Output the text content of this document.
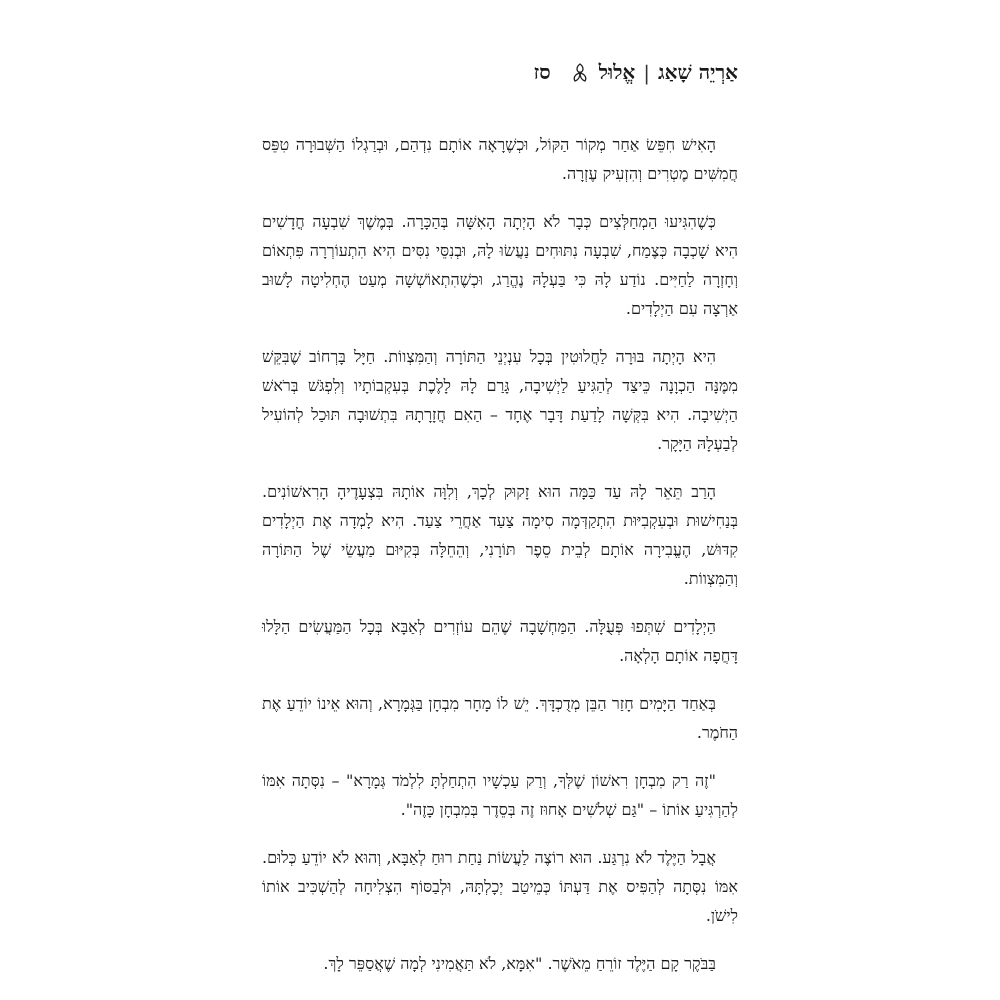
אַרְיֵה שָׁאַג
|
אֱלוּל
סז

הָאִישׁ חִפֵּשׂ אַחַר מְקוֹר הַקּוֹל, וּכְשֶׁרָאָה אוֹתָם נִדְהַם, וּבְרַגְלוֹ הַשְּׁבוּרָה טִפֵּס חֲמִשִּׁים מֶטְרִים וְהִזְעִיק עֶזְרָה.

כְּשֶׁהִגִּיעוּ הַמְחַלְּצִים כְּבָר לֹא הָיְתָה הָאִשָּׁה בְּהַכָּרָה. בְּמֶשֶׁךְ שִׁבְעָה חֳדָשִׁים הִיא שָׁכְבָה כְּצֶמַח, שִׁבְעָה נִתּוּחִים נַעֲשׂוּ לָהּ, וּבְנִסֵּי נִסִּים הִיא הִתְעוֹרְרָה פִּתְאוֹם וְחָזְרָה לַחַיִּים. נוֹדַע לָהּ כִּי בַּעְלָהּ נֶהֱרַג, וּכְשֶׁהִתְאוֹשְׁשָׁה מְעַט הֶחְלִיטָה לָשׁוּב אַרְצָה עִם הַיְלָדִים.

הִיא הָיְתָה בּוּרָה לַחֲלוּטִין בְּכָל עִנְיְנֵי הַתּוֹרָה וְהַמִּצְווֹת. חַיָּל בָּרְחוֹב שֶׁבִּקֵּשׁ מִמֶּנָּה הַכְוָנָה כֵּיצַד לְהַגִּיעַ לַיְשִׁיבָה, גָּרַם לָהּ לָלֶכֶת בְּעִקְבוֹתָיו וְלִפְגֹּשׁ בְּרֹאשׁ הַיְשִׁיבָה. הִיא בִּקְּשָׁה לָדַעַת דָּבָר אֶחָד – הַאִם חֲזָרָתָהּ בִּתְשׁוּבָה תּוּכַל לְהוֹעִיל לְבַעְלָהּ הַיָּקָר.

הָרַב תֵּאֵר לָהּ עַד כַּמָּה הוּא זָקוּק לְכָךְ, וְלִוָּה אוֹתָהּ בִּצְעָדֶיהָ הָרִאשׁוֹנִים. בְּנַחִישׁוּת וּבְעִקְבִיּוּת הִתְקַדְּמָה סִימָה צַעַד אַחֲרֵי צַעַד. הִיא לָמְדָה אֶת הַיְלָדִים קִדּוּשׁ, הֶעֱבִירָה אוֹתָם לְבֵית סֵפֶר תּוֹרָנִי, וְהֵחֵלָּה בְּקִיּוּם מַעֲשֵׂי שֶׁל הַתּוֹרָה וְהַמִּצְווֹת.

הַיְלָדִים שִׁתְּפוּ פְּעֻלָּה. הַמַּחְשָׁבָה שֶׁהֵם עוֹזְרִים לְאַבָּא בְּכָל הַמַּעֲשִׂים הַלָּלוּ דָּחֲפָה אוֹתָם הָלְאָה.

בְּאַחַד הַיָּמִים חָזַר הַבֵּן מְדֻכְדָּךְ. יֵשׁ לוֹ מָחָר מִבְחָן בַּגְּמָרָא, וְהוּא אֵינוֹ יוֹדֵעַ אֶת הַחֹמֶר.

"זֶה רַק מִבְחָן רִאשׁוֹן שֶׁלְּךָ, וְרַק עַכְשָׁיו הִתְחַלְתָּ לִלְמֹד גְּמָרָא" – נִסְּתָה אִמּוֹ לְהַרְגִּיעַ אוֹתוֹ – "גַּם שְׁלֹשִׁים אָחוּז זֶה בְּסֵדֶר בְּמִבְחָן כָּזֶה".

אֲבָל הַיֶּלֶד לֹא נִרְגַּע. הוּא רוֹצֶה לַעֲשׂוֹת נַחַת רוּחַ לְאַבָּא, וְהוּא לֹא יוֹדֵעַ כְּלוּם. אִמּוֹ נִסְּתָה לְהַפִּיס אֶת דַּעְתּוֹ כְּמֵיטַב יְכָלְתָּהּ, וּלְבַסּוֹף הִצְלִיחָה לְהַשְׁכִּיב אוֹתוֹ לִישֹׁן.

בַּבֹּקֶר קָם הַיֶּלֶד זוֹרֵחַ מֵאֹשֶׁר. "אִמָּא, לֹא תַּאֲמִינִי לְמָה שֶׁאֲסַפֵּר לָךְ.
